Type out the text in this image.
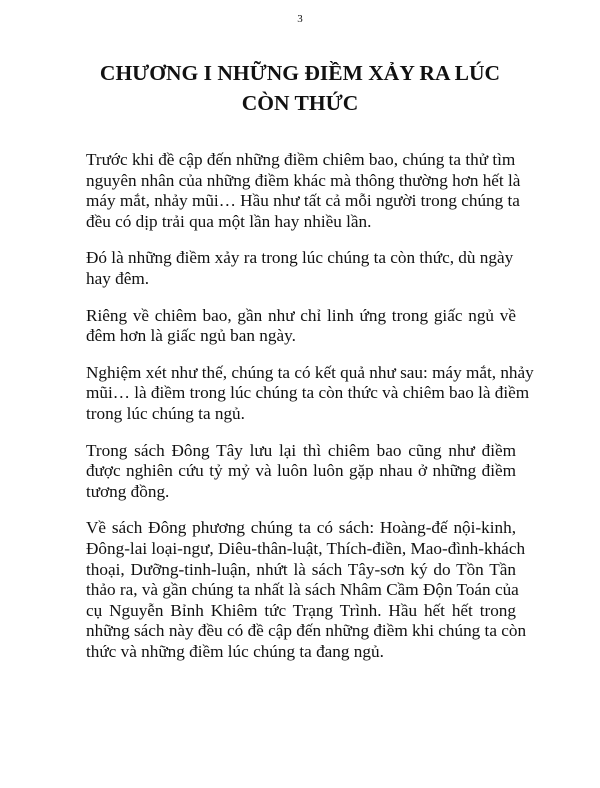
3
CHƯƠNG I NHỮNG ĐIỀM XẢY RA LÚC
CÒN THỨC

Trước khi đề cập đến những điềm chiêm bao, chúng ta thử tìm
nguyên nhân của những điềm khác mà thông thường hơn hết là
máy mắt, nhảy mũi… Hầu như tất cả mỗi người trong chúng ta
đều có dịp trải qua một lần hay nhiều lần.

Đó là những điềm xảy ra trong lúc chúng ta còn thức, dù ngày
hay đêm.

Riêng về chiêm bao, gần như chỉ linh ứng trong giấc ngủ về
đêm hơn là giấc ngủ ban ngày.

Nghiệm xét như thế, chúng ta có kết quả như sau: máy mắt, nhảy
mũi… là điềm trong lúc chúng ta còn thức và chiêm bao là điềm
trong lúc chúng ta ngủ.

Trong sách Đông Tây lưu lại thì chiêm bao cũng như điềm
được nghiên cứu tỷ mỷ và luôn luôn gặp nhau ở những điềm
tương đồng.

Về sách Đông phương chúng ta có sách: Hoàng-đế nội-kinh,
Đông-lai loại-ngư, Diêu-thân-luật, Thích-điền, Mao-đình-khách
thoại, Dưỡng-tinh-luận, nhứt là sách Tây-sơn ký do Tồn Tần
thảo ra, và gần chúng ta nhất là sách Nhâm Cầm Độn Toán của
cụ Nguyễn Bỉnh Khiêm tức Trạng Trình. Hầu hết hết trong
những sách này đều có đề cập đến những điềm khi chúng ta còn
thức và những điềm lúc chúng ta đang ngủ.
